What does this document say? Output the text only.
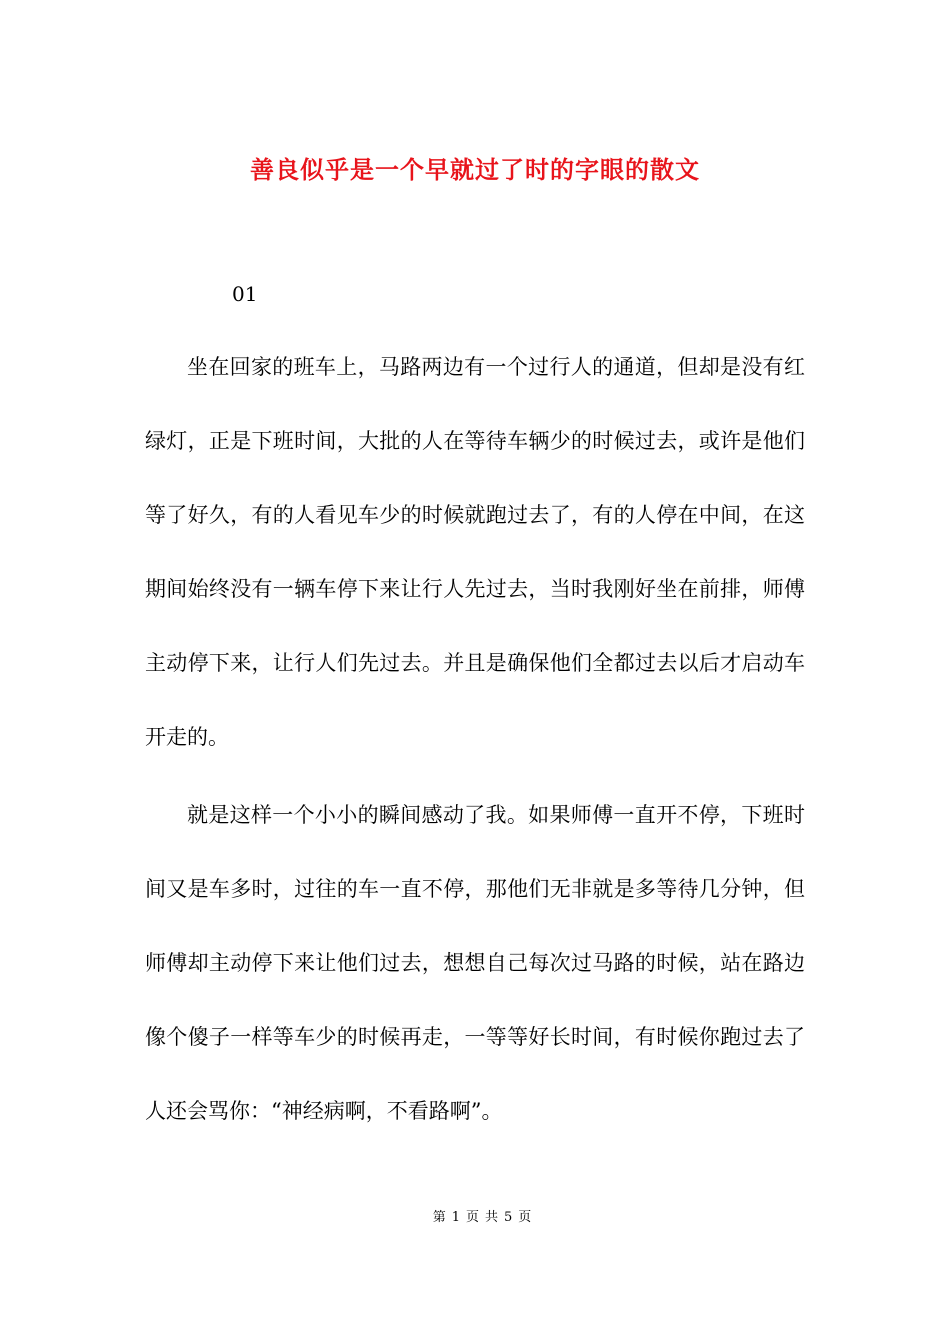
善良似乎是一个早就过了时的字眼的散文
01

坐在回家的班车上，马路两边有一个过行人的通道，但却是没有红绿灯，正是下班时间，大批的人在等待车辆少的时候过去，或许是他们等了好久，有的人看见车少的时候就跑过去了，有的人停在中间，在这期间始终没有一辆车停下来让行人先过去，当时我刚好坐在前排，师傅主动停下来，让行人们先过去。并且是确保他们全都过去以后才启动车开走的。

就是这样一个小小的瞬间感动了我。如果师傅一直开不停，下班时间又是车多时，过往的车一直不停，那他们无非就是多等待几分钟，但师傅却主动停下来让他们过去，想想自己每次过马路的时候，站在路边像个傻子一样等车少的时候再走，一等等好长时间，有时候你跑过去了人还会骂你：“神经病啊，不看路啊”。

第 1 页 共 5 页
